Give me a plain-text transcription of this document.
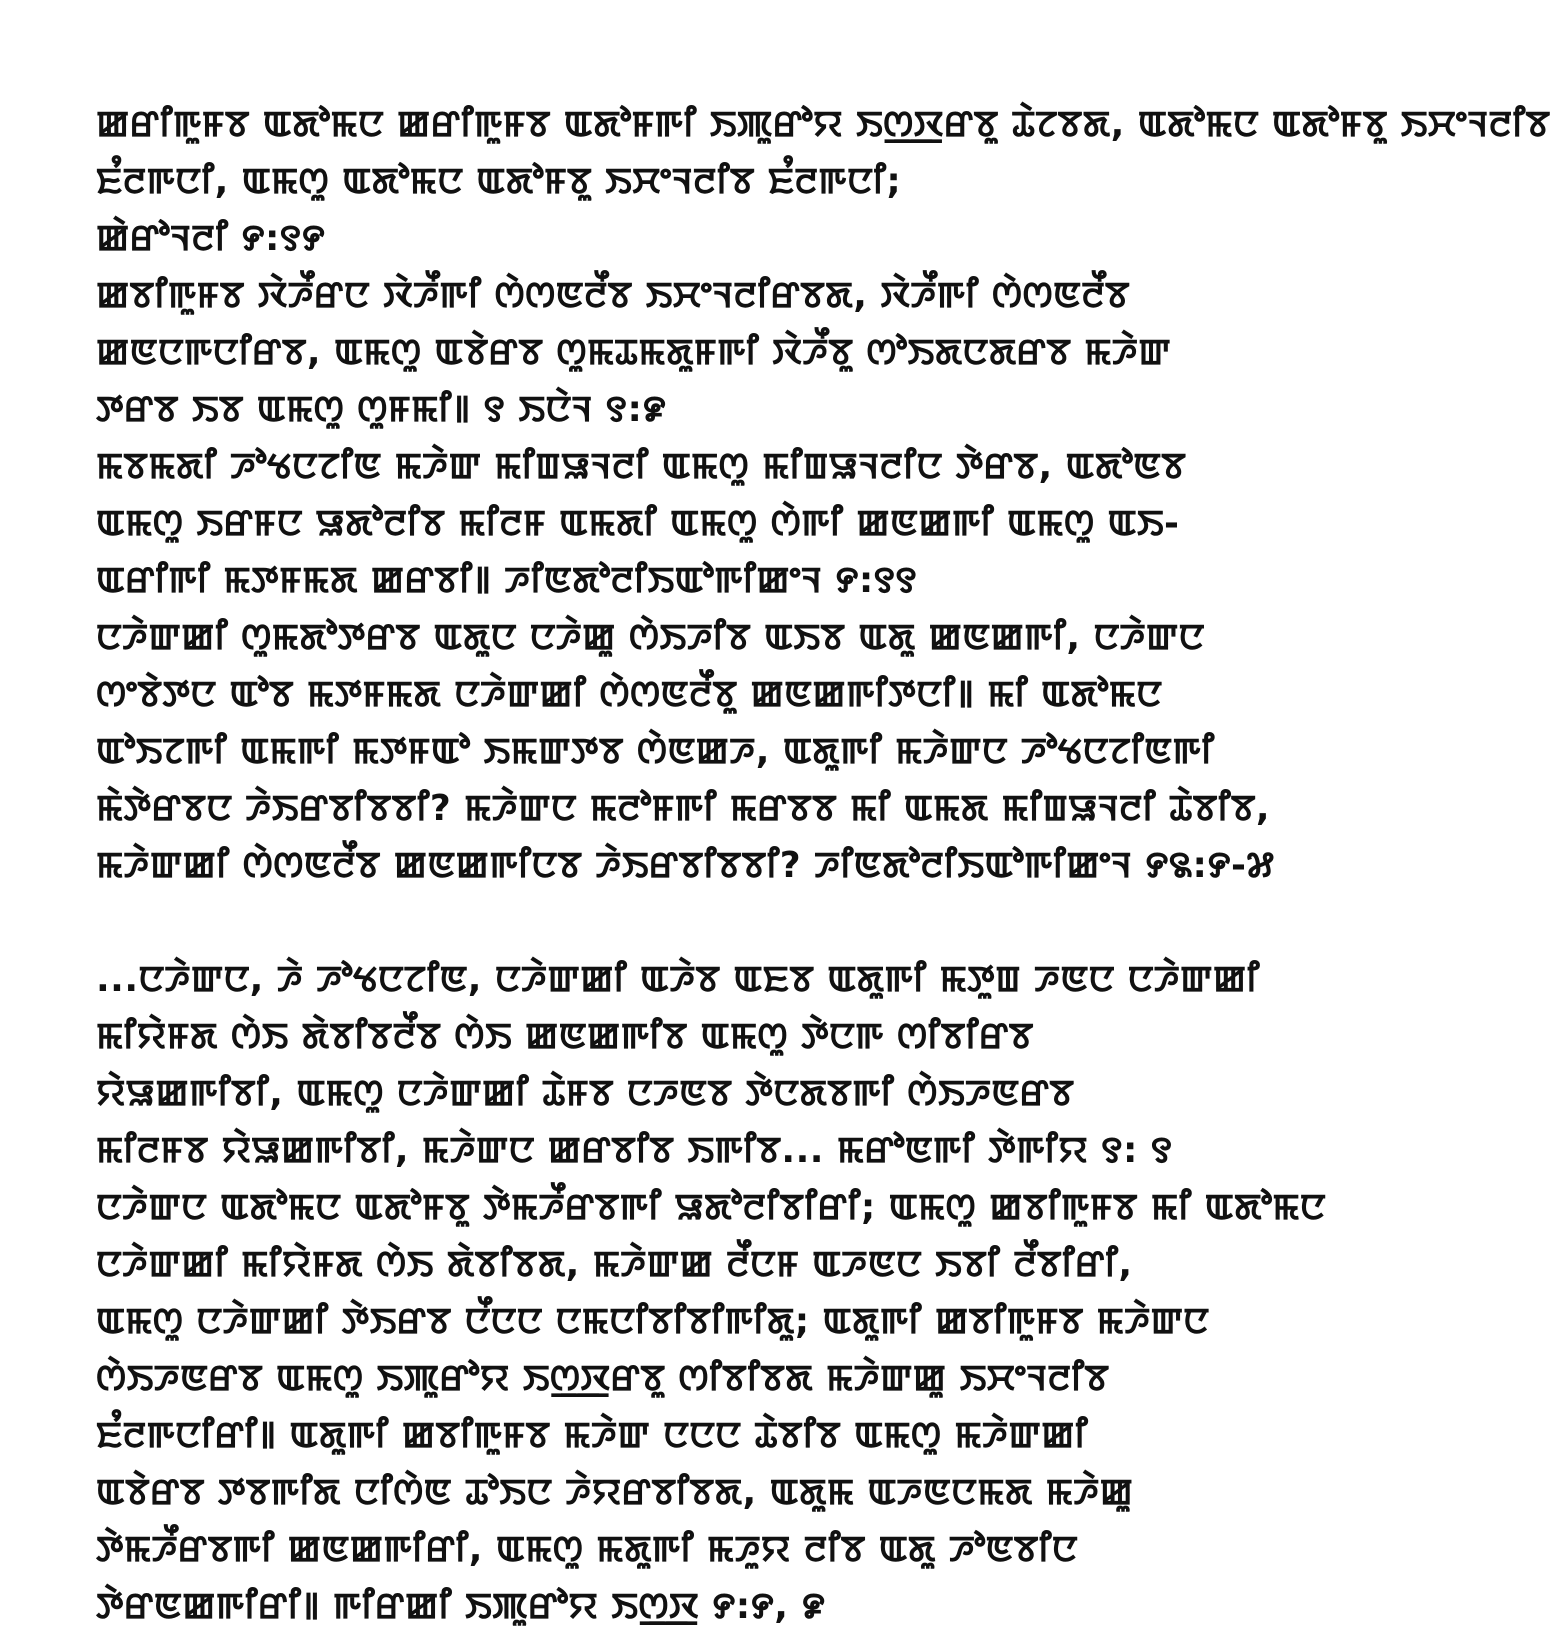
ꯀꯔꯤꯒꯨꯝꯕ ꯑꯗꯣꯃꯅ ꯀꯔꯤꯒꯨꯝꯕ ꯑꯗꯣꯝꯒꯤ ꯏꯄꯨꯔꯣꯌ ꯏꯁ꯭ꯋꯔꯕꯨ ꯊꯥꯖꯕꯗ, ꯑꯗꯣꯃꯅ ꯑꯗꯣꯝꯕꯨ ꯏꯆꯦꯜꯂꯤꯕ
ꯐꯪꯂꯒꯅꯤ, ꯑꯃꯁꯨ ꯑꯗꯣꯃꯅ ꯑꯗꯣꯝꯕꯨ ꯏꯆꯦꯜꯂꯤꯕ ꯐꯪꯂꯒꯅꯤ;
ꯀꯥꯔꯣꯜꯂꯤ ꯸:꯱꯸
ꯀꯕꯤꯒꯨꯝꯕ ꯋꯥꯍꯩꯔꯅ ꯋꯥꯍꯩꯒꯤ ꯁꯥꯁꯟꯂꯩꯕ ꯏꯆꯦꯜꯂꯤꯔꯕꯗ, ꯋꯥꯍꯩꯒꯤ ꯁꯥꯁꯟꯂꯩꯕ
ꯀꯟꯅꯒꯅꯤꯔꯕ, ꯑꯃꯁꯨ ꯑꯕꯥꯔꯕ ꯁꯨꯃꯊꯃꯗꯨꯝꯒꯤ ꯋꯥꯍꯩꯕꯨ ꯁꯣꯏꯗꯅꯗꯔꯕ ꯃꯍꯥꯛ
ꯇꯔꯕ ꯏꯕ ꯑꯃꯁꯨ ꯁꯨꯝꯃꯤ꯫ ꯱ ꯏꯅꯥꯜ ꯱:꯹
ꯃꯕꯃꯗꯤ ꯍꯣꯠꯅꯖꯤꯟ ꯃꯍꯥꯛ ꯃꯤꯡꯎꯜꯂꯤ ꯑꯃꯁꯨ ꯃꯤꯡꯎꯜꯂꯤꯅ ꯇꯥꯔꯕ, ꯑꯗꯣꯟꯕ
ꯑꯃꯁꯨ ꯏꯔꯝꯅ ꯎꯗꯣꯂꯤꯕ ꯃꯤꯂꯝ ꯑꯃꯗꯤ ꯑꯃꯁꯨ ꯁꯥꯒꯤ ꯀꯟꯀꯒꯤ ꯑꯃꯁꯨ ꯑꯏ-
ꯑꯔꯤꯒꯤ ꯃꯇꯝꯃꯗ ꯀꯔꯕꯤ꯫ ꯍꯤꯟꯗꯣꯂꯤꯏꯑꯣꯒꯤꯀꯦꯜ ꯸:꯱꯱
ꯅꯍꯥꯛꯀꯤ ꯁꯨꯃꯗꯣꯇꯔꯕ ꯑꯗꯨꯅ ꯅꯍꯥꯀꯨ ꯁꯥꯏꯍꯤꯕ ꯑꯏꯕ ꯑꯗꯨ ꯀꯟꯀꯒꯤ, ꯅꯍꯥꯛꯅ
ꯁꯦꯕꯥꯇꯅ ꯑꯣꯕ ꯃꯇꯝꯃꯗ ꯅꯍꯥꯛꯀꯤ ꯁꯥꯁꯟꯂꯩꯕꯨ ꯀꯟꯀꯒꯤꯇꯅꯤ꯫ ꯃꯤ ꯑꯗꯣꯃꯅ
ꯑꯣꯏꯖꯒꯤ ꯑꯃꯒꯤ ꯃꯇꯝꯑꯣ ꯏꯃꯛꯇꯕ ꯁꯥꯟꯀꯍ, ꯑꯗꯨꯒꯤ ꯃꯍꯥꯛꯅ ꯍꯣꯠꯅꯖꯤꯟꯒꯤ
ꯃꯥꯇꯥꯔꯕꯅ ꯍꯥꯏꯔꯕꯤꯕꯕꯤ? ꯃꯍꯥꯛꯅ ꯃꯂꯣꯝꯒꯤ ꯃꯔꯕꯕ ꯃꯤ ꯑꯃꯗ ꯃꯤꯡꯎꯜꯂꯤ ꯊꯥꯕꯤꯕ,
ꯃꯍꯥꯛꯀꯤ ꯁꯥꯁꯟꯂꯩꯕ ꯀꯟꯀꯒꯤꯅꯕ ꯍꯥꯏꯔꯕꯤꯕꯕꯤ? ꯍꯤꯟꯗꯣꯂꯤꯏꯑꯣꯒꯤꯀꯦꯜ ꯸꯲:꯸-꯷
...ꯅꯍꯥꯛꯅ, ꯍꯥ ꯍꯣꯠꯅꯖꯤꯟ, ꯅꯍꯥꯛꯀꯤ ꯑꯍꯥꯕ ꯑꯐꯕ ꯑꯗꯨꯒꯤ ꯃꯇꯨꯡ ꯍꯟꯅ ꯅꯍꯥꯛꯀꯤ
ꯃꯤꯌꯥꯝꯗ ꯁꯥꯏ ꯗꯥꯕꯤꯕꯂꯩꯕ ꯁꯥꯏ ꯀꯟꯀꯒꯤꯕ ꯑꯃꯁꯨ ꯇꯥꯅꯒ ꯁꯤꯕꯤꯔꯕ
ꯌꯥꯎꯀꯒꯤꯕꯤ, ꯑꯃꯁꯨ ꯅꯍꯥꯛꯀꯤ ꯊꯥꯝꯕ ꯅꯍꯟꯕ ꯇꯥꯅꯗꯕꯒꯤ ꯁꯥꯏꯍꯟꯔꯕ
ꯃꯤꯂꯝꯕ ꯌꯥꯎꯀꯒꯤꯕꯤ, ꯃꯍꯥꯛꯅ ꯀꯔꯕꯤꯕ ꯏꯒꯤꯕ... ꯃꯔꯣꯟꯒꯤ ꯇꯥꯒꯤꯌ ꯱: ꯱
ꯅꯍꯥꯛꯅ ꯑꯗꯣꯃꯅ ꯑꯗꯣꯝꯕꯨ ꯇꯥꯃꯍꯩꯔꯕꯒꯤ ꯎꯗꯣꯂꯤꯕꯤꯔꯤ; ꯑꯃꯁꯨ ꯀꯕꯤꯒꯨꯝꯕ ꯃꯤ ꯑꯗꯣꯃꯅ
ꯅꯍꯥꯛꯀꯤ ꯃꯤꯌꯥꯝꯗ ꯁꯥꯏ ꯗꯥꯕꯤꯕꯗ, ꯃꯍꯥꯛꯀ ꯂꯩꯅꯝ ꯑꯍꯟꯅ ꯏꯕꯤ ꯂꯩꯕꯤꯔꯤ,
ꯑꯃꯁꯨ ꯅꯍꯥꯛꯀꯤ ꯇꯥꯏꯔꯕ ꯅꯩꯅꯅ ꯅꯃꯅꯤꯕꯤꯕꯤꯒꯤꯗꯨ; ꯑꯗꯨꯒꯤ ꯀꯕꯤꯒꯨꯝꯕ ꯃꯍꯥꯛꯅ
ꯁꯥꯏꯍꯟꯔꯕ ꯑꯃꯁꯨ ꯏꯄꯨꯔꯣꯌ ꯏꯁ꯭ꯋꯔꯕꯨ ꯁꯤꯕꯤꯕꯗ ꯃꯍꯥꯛꯀꯨ ꯏꯆꯦꯜꯂꯤꯕ
ꯐꯪꯂꯒꯅꯤꯔꯤ꯫ ꯑꯗꯨꯒꯤ ꯀꯕꯤꯒꯨꯝꯕ ꯃꯍꯥꯛ ꯅꯅꯅ ꯊꯥꯕꯤꯕ ꯑꯃꯁꯨ ꯃꯍꯥꯛꯀꯤ
ꯑꯕꯥꯔꯕ ꯇꯕꯒꯤꯗ ꯅꯤꯁꯥꯟ ꯊꯣꯏꯅ ꯍꯥꯌꯔꯕꯤꯕꯗ, ꯑꯗꯨꯃ ꯑꯍꯟꯅꯃꯗ ꯃꯍꯥꯀꯨ
ꯇꯥꯃꯍꯩꯔꯕꯒꯤ ꯀꯟꯀꯒꯤꯔꯤ, ꯑꯃꯁꯨ ꯃꯗꯨꯒꯤ ꯃꯍꯨꯌ ꯂꯤꯕ ꯑꯗꯨ ꯍꯣꯟꯕꯤꯅ
ꯇꯥꯔꯟꯀꯒꯤꯔꯤ꯫ ꯒꯤꯔꯀꯤ ꯏꯄꯨꯔꯣꯌ ꯏꯁ꯭ꯋ ꯸:꯸, ꯹
